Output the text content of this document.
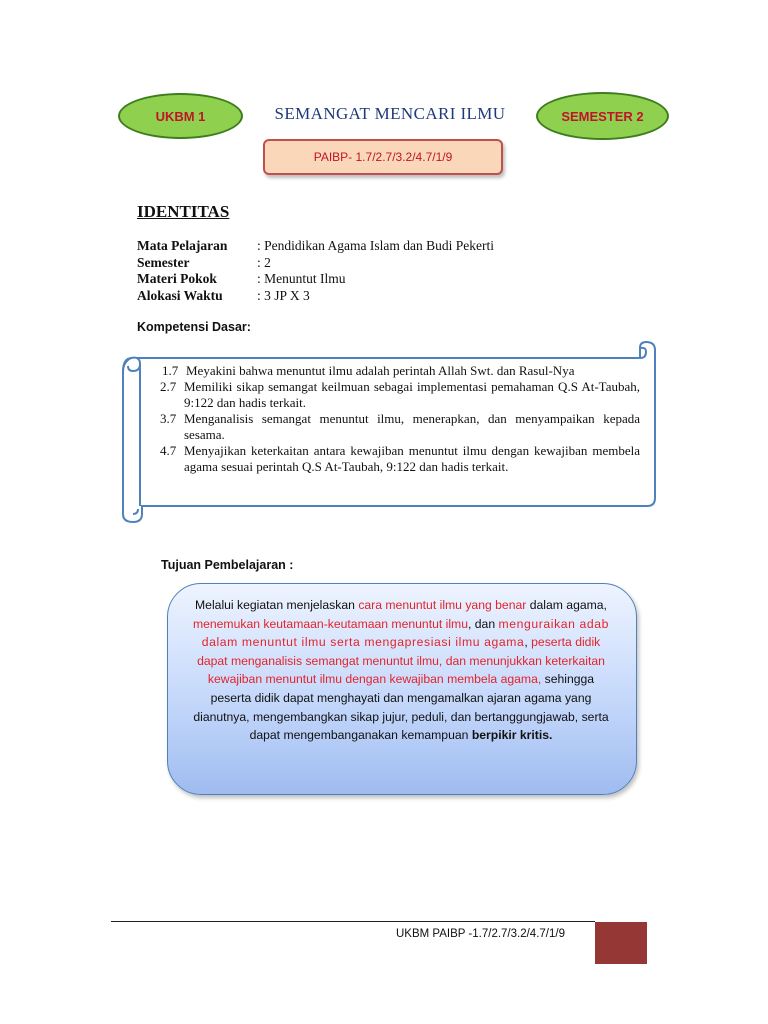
UKBM 1	SEMANGAT MENCARI ILMU	SEMESTER 2
PAIBP- 1.7/2.7/3.2/4.7/1/9
IDENTITAS
Mata Pelajaran	: Pendidikan Agama Islam dan Budi Pekerti
Semester	: 2
Materi Pokok	: Menuntut Ilmu
Alokasi Waktu	: 3 JP X 3
Kompetensi Dasar:
1.7 Meyakini bahwa menuntut ilmu adalah perintah Allah Swt. dan Rasul-Nya
2.7 Memiliki sikap semangat keilmuan sebagai implementasi pemahaman Q.S At-Taubah, 9:122 dan hadis terkait.
3.7 Menganalisis semangat menuntut ilmu, menerapkan, dan menyampaikan kepada sesama.
4.7 Menyajikan keterkaitan antara kewajiban menuntut ilmu dengan kewajiban membela agama sesuai perintah Q.S At-Taubah, 9:122 dan hadis terkait.
Tujuan Pembelajaran :
Melalui kegiatan menjelaskan cara menuntut ilmu yang benar dalam agama, menemukan keutamaan-keutamaan menuntut ilmu, dan menguraikan adab dalam menuntut ilmu serta mengapresiasi ilmu agama, peserta didik dapat menganalisis semangat menuntut ilmu, dan menunjukkan keterkaitan kewajiban menuntut ilmu dengan kewajiban membela agama, sehingga peserta didik dapat menghayati dan mengamalkan ajaran agama yang dianutnya, mengembangkan sikap jujur, peduli, dan bertanggungjawab, serta dapat mengembanganakan kemampuan berpikir kritis.
UKBM PAIBP -1.7/2.7/3.2/4.7/1/9
